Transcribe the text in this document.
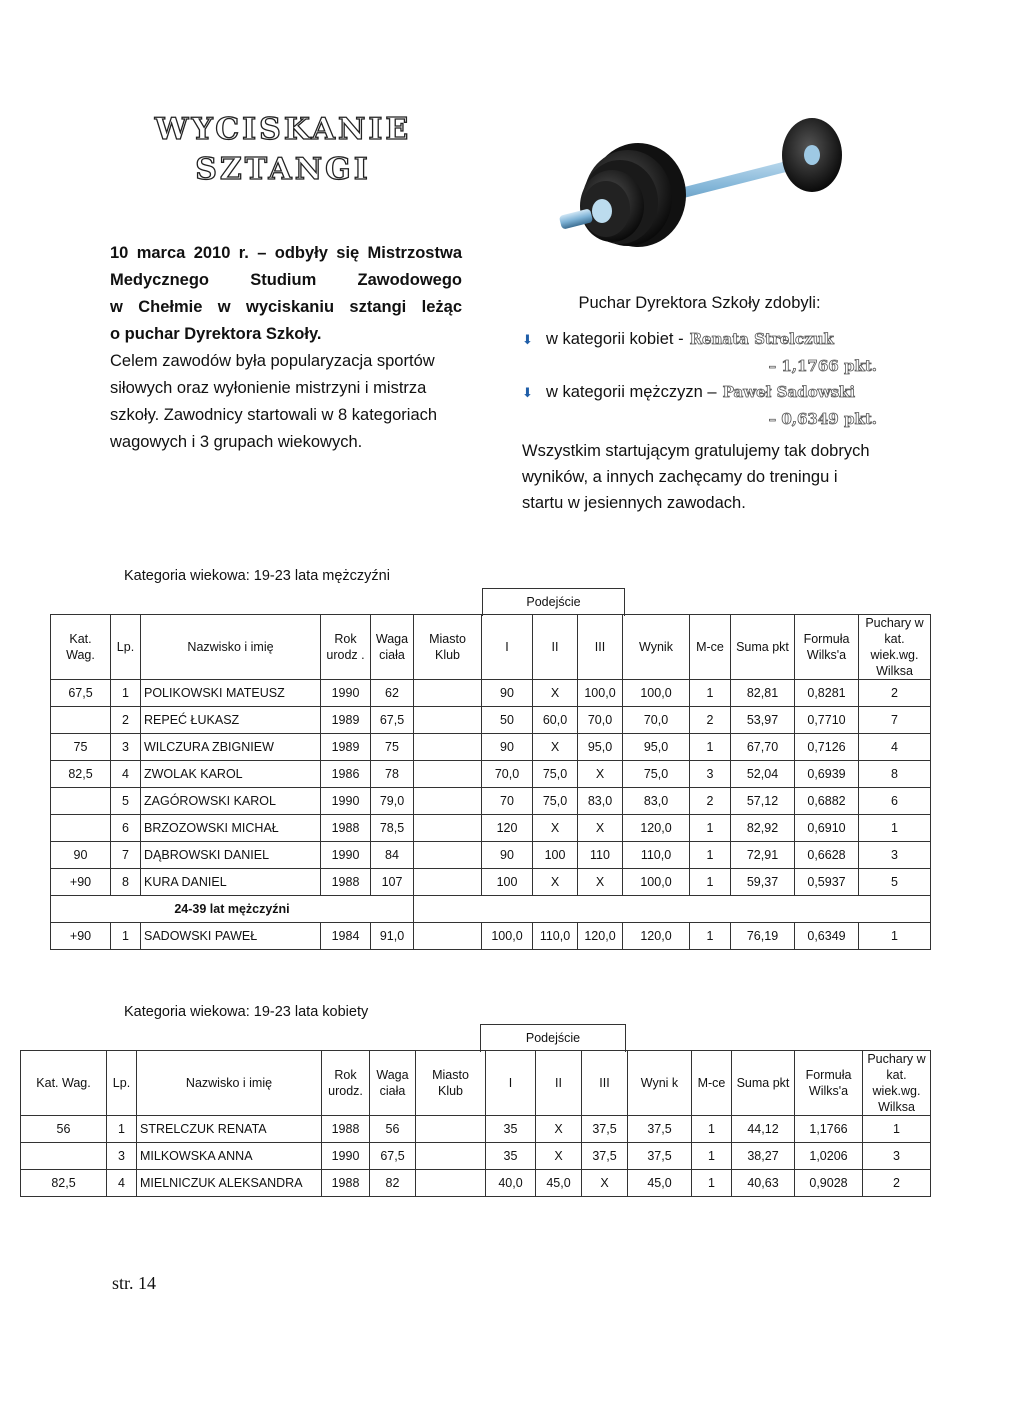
WYCISKANIE
SZTANGI
10 marca 2010 r. – odbyły się Mistrzostwa
Medycznego Studium Zawodowego
w Chełmie w wyciskaniu sztangi leżąc
o puchar Dyrektora Szkoły.
Celem zawodów była popularyzacja sportów siłowych oraz wyłonienie mistrzyni i mistrza szkoły. Zawodnicy startowali w 8 kategoriach wagowych i 3 grupach wiekowych.
Puchar Dyrektora Szkoły zdobyli:
⬇ w kategorii kobiet - Renata Strelczuk
– 1,1766 pkt.
⬇ w kategorii mężczyzn – Paweł Sadowski
– 0,6349 pkt.
Wszystkim startującym gratulujemy tak dobrych wyników, a innych zachęcamy do treningu i startu w jesiennych zawodach.
Kategoria wiekowa: 19-23 lata mężczyźni
Podejście
Kat. Wag.	Lp.	Nazwisko i imię	Rok urodz .	Waga ciała	Miasto Klub	I	II	III	Wynik	M-ce	Suma pkt	Formuła Wilks'a	Puchary w kat. wiek.wg. Wilksa
67,5	1	POLIKOWSKI MATEUSZ	1990	62		90	X	100,0	100,0	1	82,81	0,8281	2
	2	REPEĆ ŁUKASZ	1989	67,5		50	60,0	70,0	70,0	2	53,97	0,7710	7
75	3	WILCZURA ZBIGNIEW	1989	75		90	X	95,0	95,0	1	67,70	0,7126	4
82,5	4	ZWOLAK KAROL	1986	78		70,0	75,0	X	75,0	3	52,04	0,6939	8
	5	ZAGÓROWSKI KAROL	1990	79,0		70	75,0	83,0	83,0	2	57,12	0,6882	6
	6	BRZOZOWSKI MICHAŁ	1988	78,5		120	X	X	120,0	1	82,92	0,6910	1
90	7	DĄBROWSKI DANIEL	1990	84		90	100	110	110,0	1	72,91	0,6628	3
+90	8	KURA DANIEL	1988	107		100	X	X	100,0	1	59,37	0,5937	5
24-39 lat mężczyźni													
+90	1	SADOWSKI PAWEŁ	1984	91,0		100,0	110,0	120,0	120,0	1	76,19	0,6349	1
Kategoria wiekowa: 19-23 lata kobiety
Podejście
Kat. Wag.	Lp.	Nazwisko i imię	Rok urodz.	Waga ciała	Miasto Klub	I	II	III	Wyni k	M-ce	Suma pkt	Formuła Wilks'a	Puchary w kat. wiek.wg. Wilksa
56	1	STRELCZUK RENATA	1988	56		35	X	37,5	37,5	1	44,12	1,1766	1
	3	MILKOWSKA ANNA	1990	67,5		35	X	37,5	37,5	1	38,27	1,0206	3
82,5	4	MIELNICZUK ALEKSANDRA	1988	82		40,0	45,0	X	45,0	1	40,63	0,9028	2
str. 14
